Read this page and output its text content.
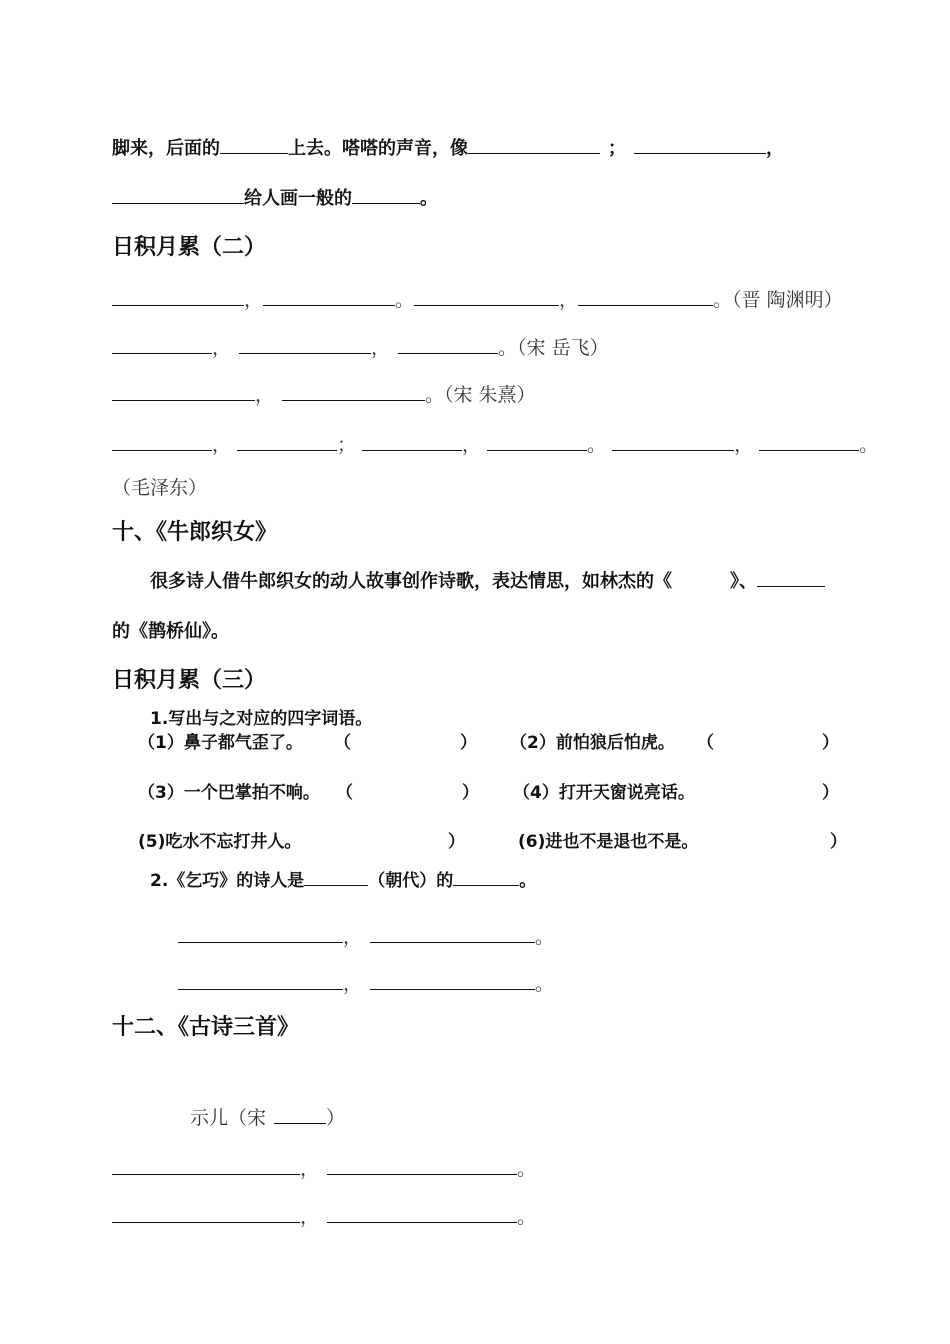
脚来，后面的	上去。嗒嗒的声音，像	；	，
给人画一般的	。
日积月累（二）
，	。	，	。（晋 陶渊明）
，	，	。（宋 岳飞）
，	。（宋 朱熹）
，	；	，	。	，	。
（毛泽东）
十、《牛郎织女》
很多诗人借牛郎织女的动人故事创作诗歌，表达情思，如林杰的《	》、
的《鹊桥仙》。
日积月累（三）
1.写出与之对应的四字词语。
（1）鼻子都气歪了。 （	） （2）前怕狼后怕虎。 （	）
（3）一个巴掌拍不响。 （	） （4）打开天窗说亮话。	）
(5)吃水不忘打井人。	）	(6)进也不是退也不是。	）
2.《乞巧》的诗人是	（朝代）的	。
，	。
，	。
十二、《古诗三首》
示儿（宋	）
，	。
，	。
